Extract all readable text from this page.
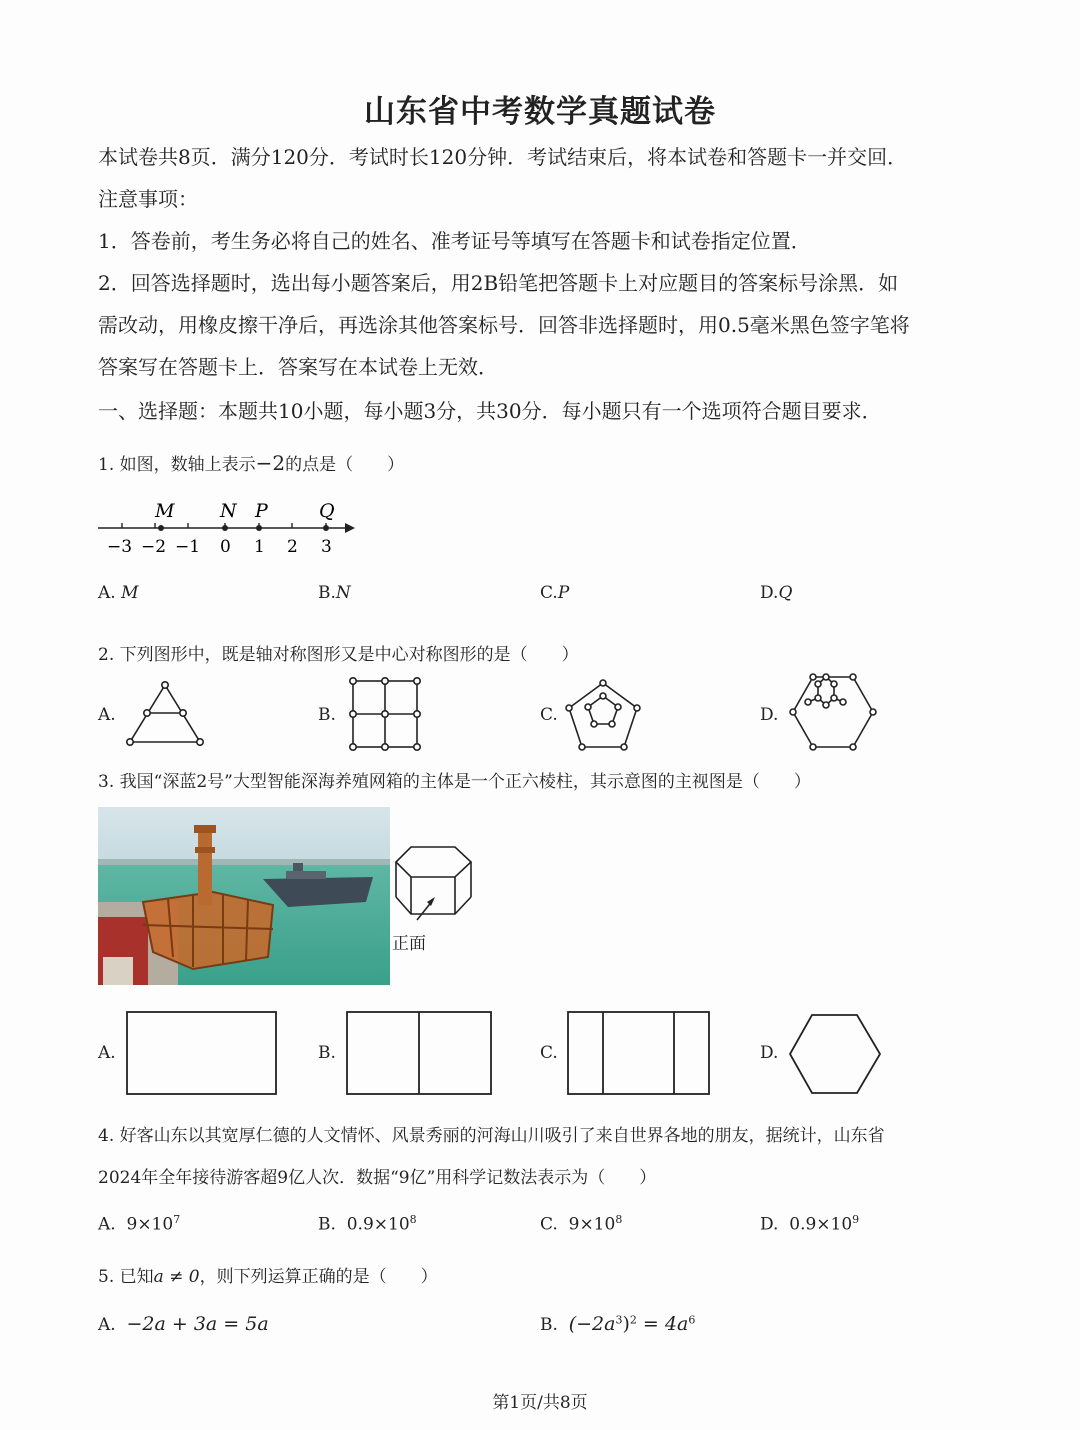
山东省中考数学真题试卷
本试卷共8页．满分120分．考试时长120分钟．考试结束后，将本试卷和答题卡一并交回．
注意事项：
1．答卷前，考生务必将自己的姓名、准考证号等填写在答题卡和试卷指定位置．
2．回答选择题时，选出每小题答案后，用2B铅笔把答题卡上对应题目的答案标号涂黑．如
需改动，用橡皮擦干净后，再选涂其他答案标号．回答非选择题时，用0.5毫米黑色签字笔将
答案写在答题卡上．答案写在本试卷上无效．
一、选择题：本题共10小题，每小题3分，共30分．每小题只有一个选项符合题目要求．
1. 如图，数轴上表示−2的点是（　　）
M N P	Q
−3 −2 −1 0 1 2 3
A. M	B.N	C.P	D.Q
2. 下列图形中，既是轴对称图形又是中心对称图形的是（　　）
A.	B.	C.	D.
3. 我国“深蓝2号”大型智能深海养殖网箱的主体是一个正六棱柱，其示意图的主视图是（　　）
正面
A.	B.	C.	D.
4. 好客山东以其宽厚仁德的人文情怀、风景秀丽的河海山川吸引了来自世界各地的朋友，据统计，山东省
2024年全年接待游客超9亿人次．数据“9亿”用科学记数法表示为（　　）
A. $9\times 10^7$	B. $0.9\times 10^8$	C. $9\times 10^8$	D. $0.9\times 10^9$
5. 已知a ≠ 0，则下列运算正确的是（　　）
A. −2a + 3a = 5a	B. $(-2a^3)^2 = 4a^6$
第1页/共8页
